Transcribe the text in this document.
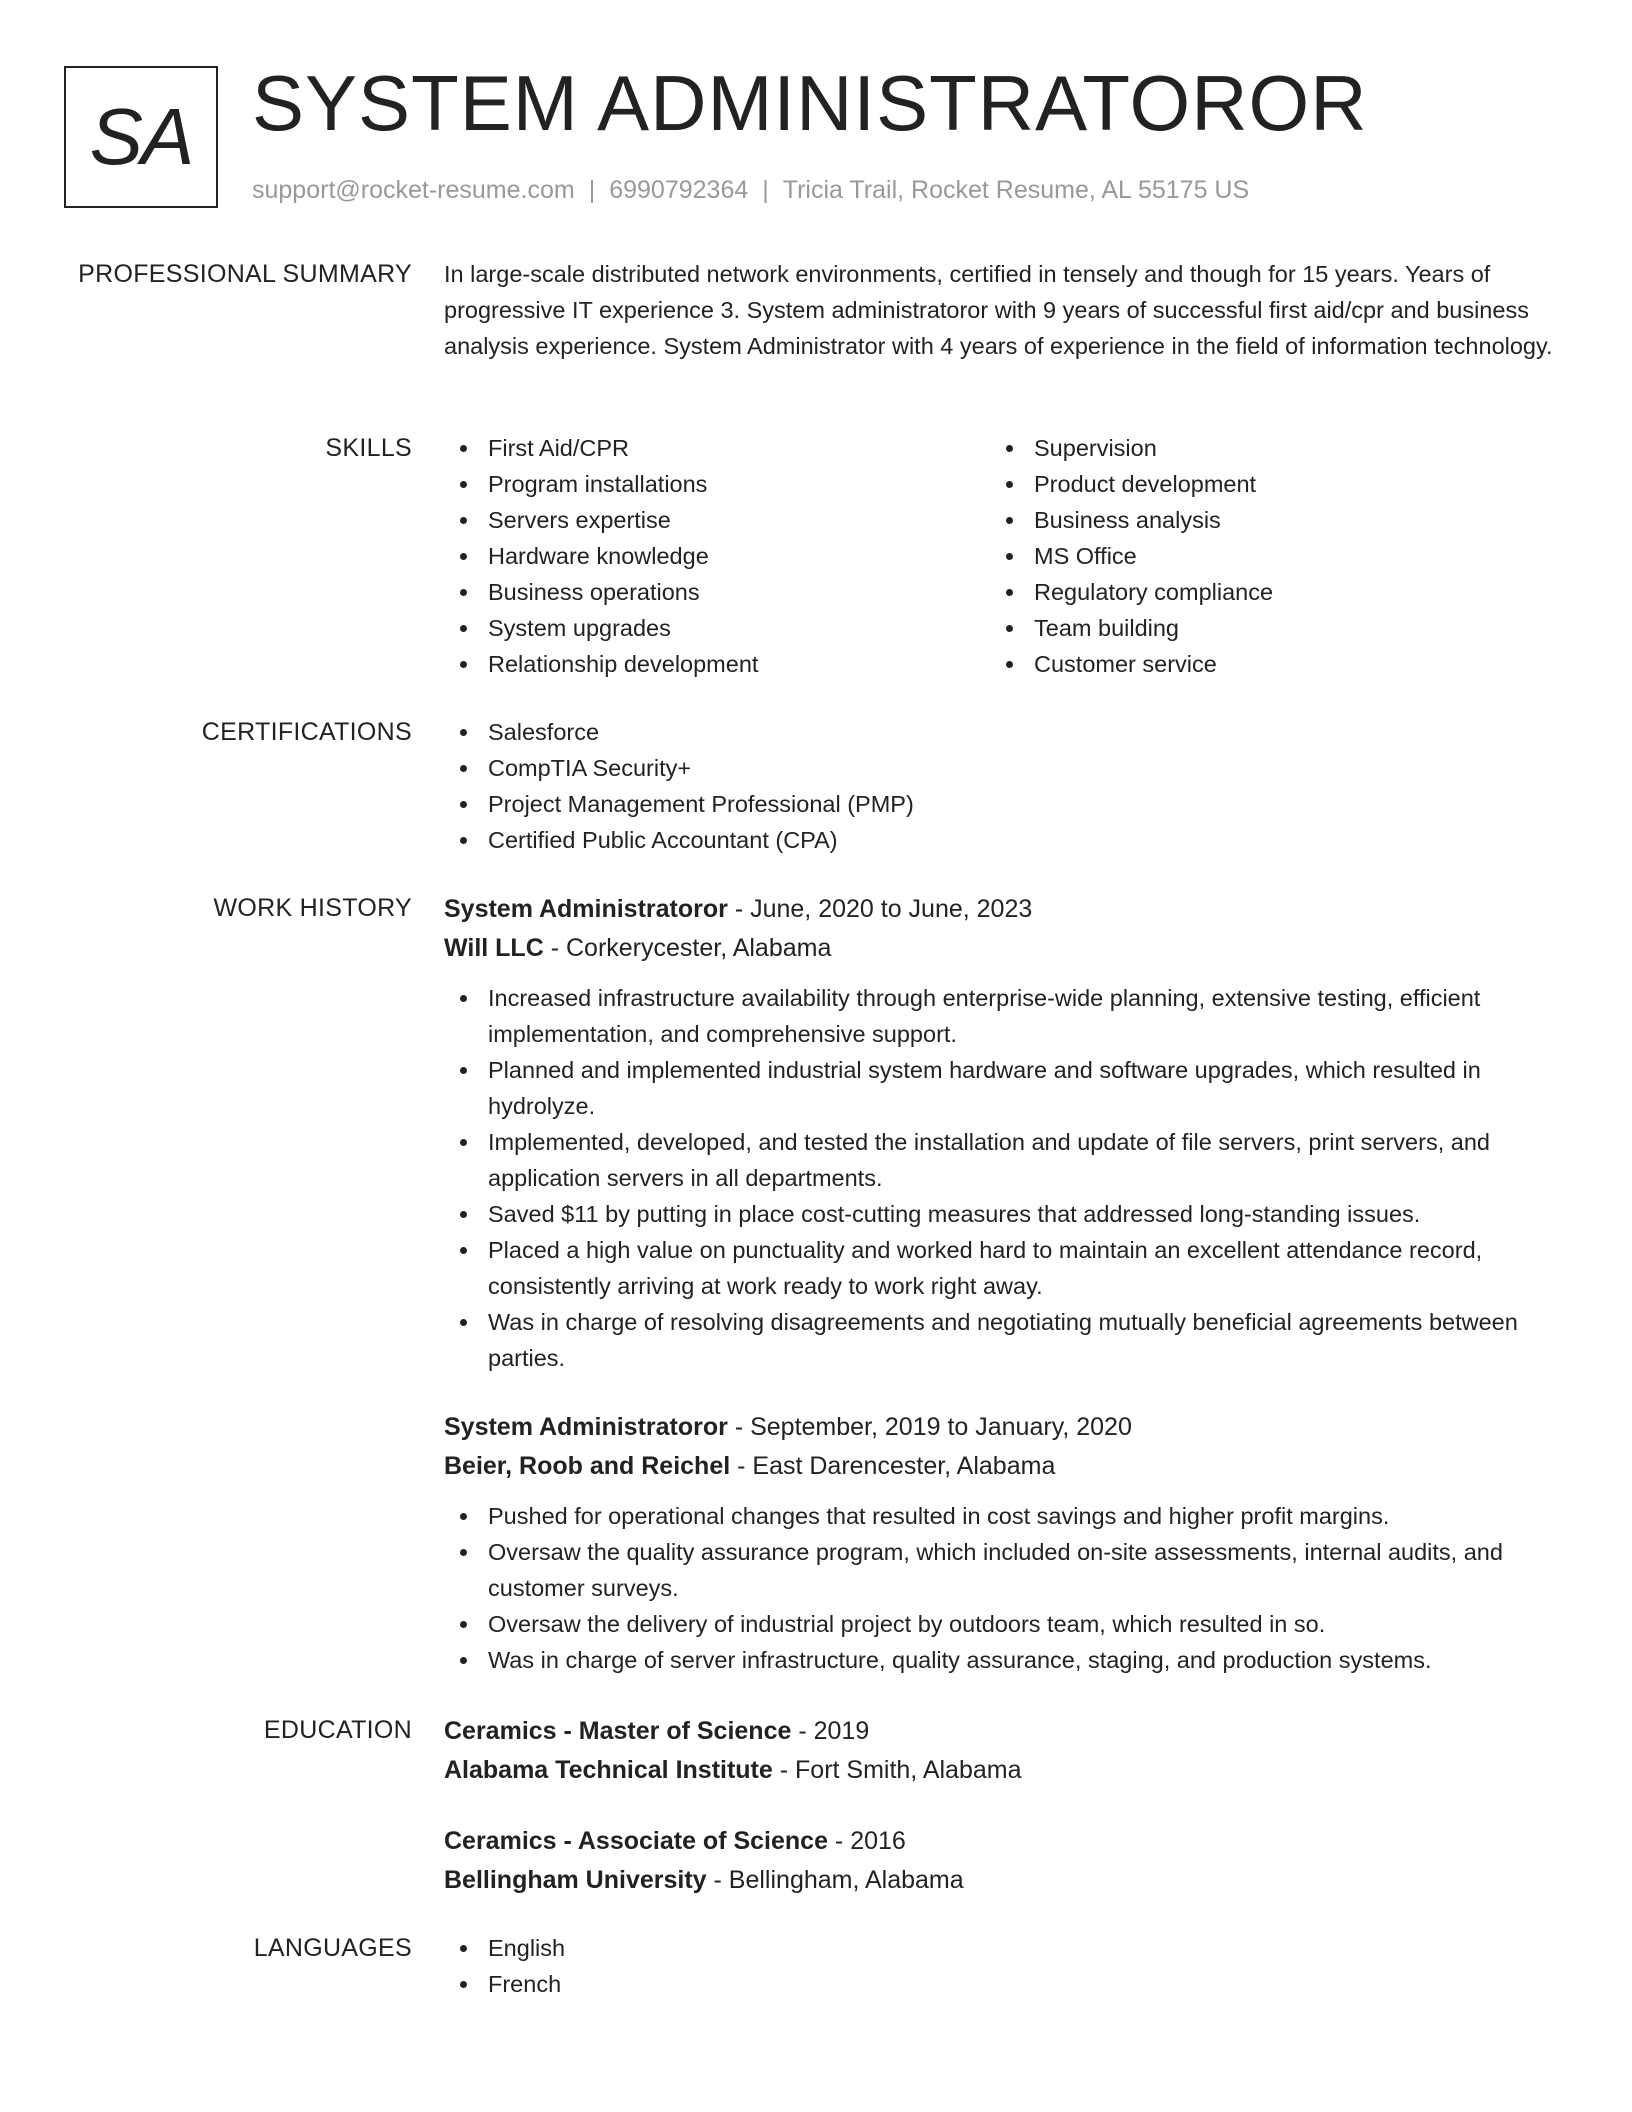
SA SYSTEM ADMINISTRATOROR
support@rocket-resume.com | 6990792364 | Tricia Trail, Rocket Resume, AL 55175 US
PROFESSIONAL SUMMARY In large-scale distributed network environments, certified in tensely and though for 15 years. Years of progressive IT experience 3. System administratoror with 9 years of successful first aid/cpr and business analysis experience. System Administrator with 4 years of experience in the field of information technology.

SKILLS	First Aid/CPR
Program installations
Servers expertise
Hardware knowledge
Business operations
System upgrades
Relationship development
Supervision
Product development
Business analysis
MS Office
Regulatory compliance
Team building
Customer service
CERTIFICATIONS	Salesforce
CompTIA Security+
Project Management Professional (PMP)
Certified Public Accountant (CPA)
WORK HISTORY System Administratoror - June, 2020 to June, 2023

Will LLC - Corkerycester, Alabama

Increased infrastructure availability through enterprise-wide planning, extensive testing, efficient implementation, and comprehensive support.
Planned and implemented industrial system hardware and software upgrades, which resulted in hydrolyze.
Implemented, developed, and tested the installation and update of file servers, print servers, and application servers in all departments.
Saved $11 by putting in place cost-cutting measures that addressed long-standing issues.
Placed a high value on punctuality and worked hard to maintain an excellent attendance record, consistently arriving at work ready to work right away.
Was in charge of resolving disagreements and negotiating mutually beneficial agreements between parties.

System Administratoror - September, 2019 to January, 2020

Beier, Roob and Reichel - East Darencester, Alabama

Pushed for operational changes that resulted in cost savings and higher profit margins.
Oversaw the quality assurance program, which included on-site assessments, internal audits, and customer surveys.
Oversaw the delivery of industrial project by outdoors team, which resulted in so.
Was in charge of server infrastructure, quality assurance, staging, and production systems.
EDUCATION Ceramics - Master of Science - 2019

Alabama Technical Institute - Fort Smith, Alabama

Ceramics - Associate of Science - 2016

Bellingham University - Bellingham, Alabama

LANGUAGES	English
French
